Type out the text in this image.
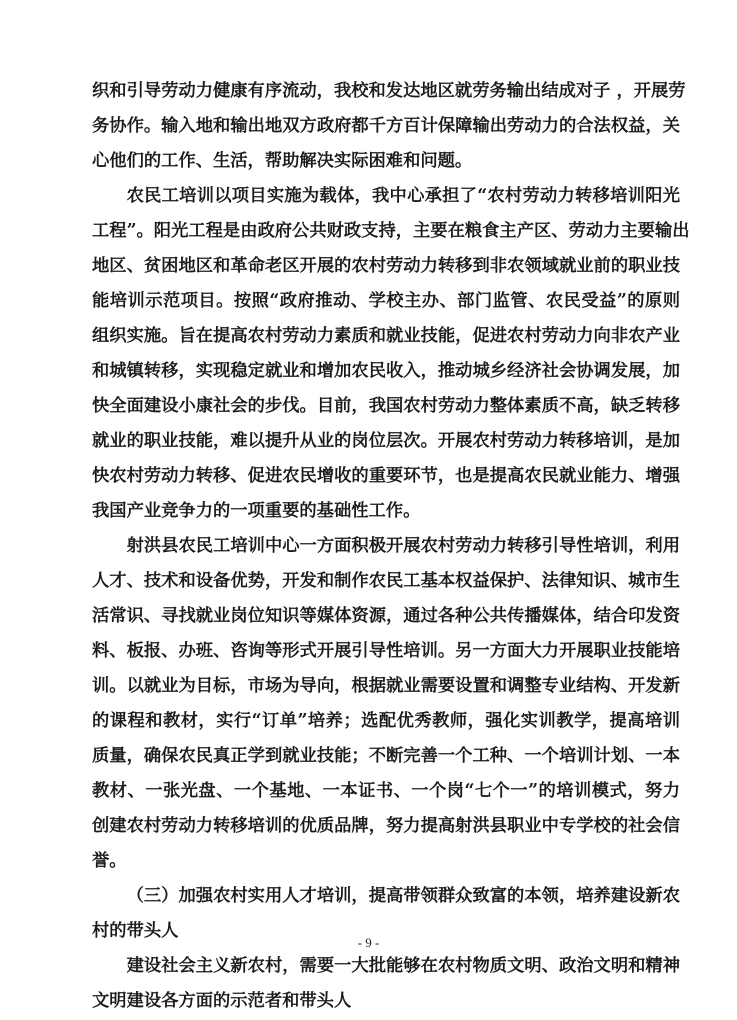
织和引导劳动力健康有序流动，我校和发达地区就劳务输出结成对子 ，开展劳
务协作。输入地和输出地双方政府都千方百计保障输出劳动力的合法权益，关
心他们的工作、生活，帮助解决实际困难和问题。
农民工培训以项目实施为载体，我中心承担了“农村劳动力转移培训阳光
工程”。阳光工程是由政府公共财政支持，主要在粮食主产区、劳动力主要输出
地区、贫困地区和革命老区开展的农村劳动力转移到非农领域就业前的职业技
能培训示范项目。按照“政府推动、学校主办、部门监管、农民受益”的原则
组织实施。旨在提高农村劳动力素质和就业技能，促进农村劳动力向非农产业
和城镇转移，实现稳定就业和增加农民收入，推动城乡经济社会协调发展，加
快全面建设小康社会的步伐。目前，我国农村劳动力整体素质不高，缺乏转移
就业的职业技能，难以提升从业的岗位层次。开展农村劳动力转移培训，是加
快农村劳动力转移、促进农民增收的重要环节，也是提高农民就业能力、增强
我国产业竞争力的一项重要的基础性工作。
射洪县农民工培训中心一方面积极开展农村劳动力转移引导性培训，利用
人才、技术和设备优势，开发和制作农民工基本权益保护、法律知识、城市生
活常识、寻找就业岗位知识等媒体资源，通过各种公共传播媒体，结合印发资
料、板报、办班、咨询等形式开展引导性培训。另一方面大力开展职业技能培
训。以就业为目标，市场为导向，根据就业需要设置和调整专业结构、开发新
的课程和教材，实行“订单”培养；选配优秀教师，强化实训教学，提高培训
质量，确保农民真正学到就业技能；不断完善一个工种、一个培训计划、一本
教材、一张光盘、一个基地、一本证书、一个岗“七个一”的培训模式，努力
创建农村劳动力转移培训的优质品牌，努力提高射洪县职业中专学校的社会信
誉。
（三）加强农村实用人才培训，提高带领群众致富的本领，培养建设新农
村的带头人
建设社会主义新农村，需要一大批能够在农村物质文明、政治文明和精神
文明建设各方面的示范者和带头人
- 9 -
